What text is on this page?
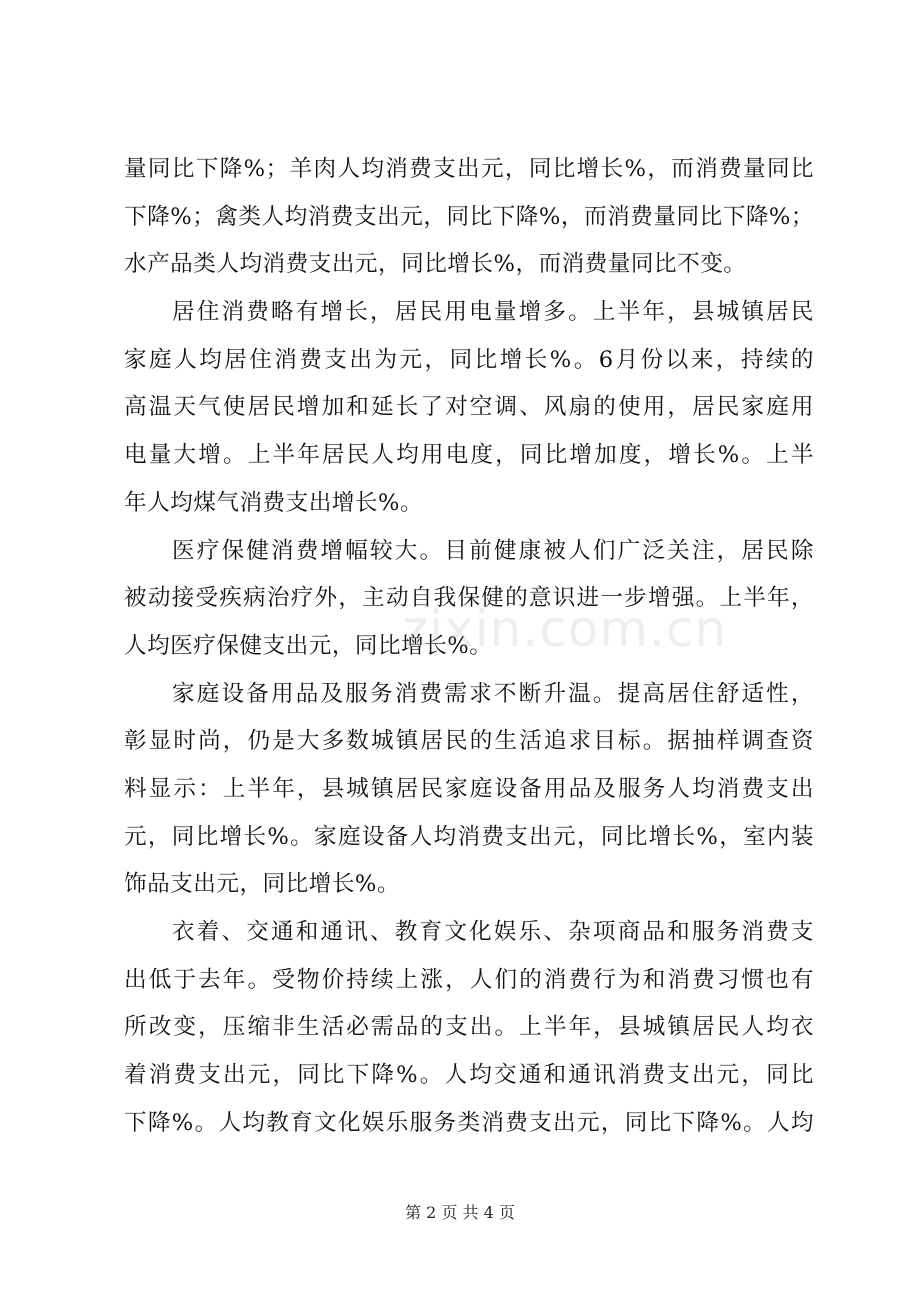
量同比下降%；羊肉人均消费支出元，同比增长%，而消费量同比
下降%；禽类人均消费支出元，同比下降%，而消费量同比下降%；
水产品类人均消费支出元，同比增长%，而消费量同比不变。
居住消费略有增长，居民用电量增多。上半年，县城镇居民
家庭人均居住消费支出为元，同比增长%。6月份以来，持续的
高温天气使居民增加和延长了对空调、风扇的使用，居民家庭用
电量大增。上半年居民人均用电度，同比增加度，增长%。上半
年人均煤气消费支出增长%。
医疗保健消费增幅较大。目前健康被人们广泛关注，居民除
被动接受疾病治疗外，主动自我保健的意识进一步增强。上半年，
人均医疗保健支出元，同比增长%。
家庭设备用品及服务消费需求不断升温。提高居住舒适性，
彰显时尚，仍是大多数城镇居民的生活追求目标。据抽样调查资
料显示：上半年，县城镇居民家庭设备用品及服务人均消费支出
元，同比增长%。家庭设备人均消费支出元，同比增长%，室内装
饰品支出元，同比增长%。
衣着、交通和通讯、教育文化娱乐、杂项商品和服务消费支
出低于去年。受物价持续上涨，人们的消费行为和消费习惯也有
所改变，压缩非生活必需品的支出。上半年，县城镇居民人均衣
着消费支出元，同比下降%。人均交通和通讯消费支出元，同比
下降%。人均教育文化娱乐服务类消费支出元，同比下降%。人均
zixin.com.cn
第 2 页 共 4 页
